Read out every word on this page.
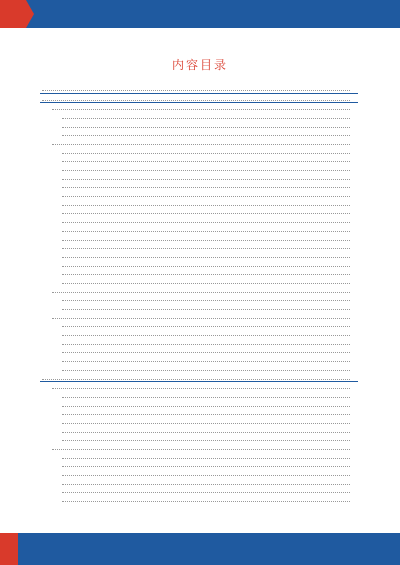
内容目录
